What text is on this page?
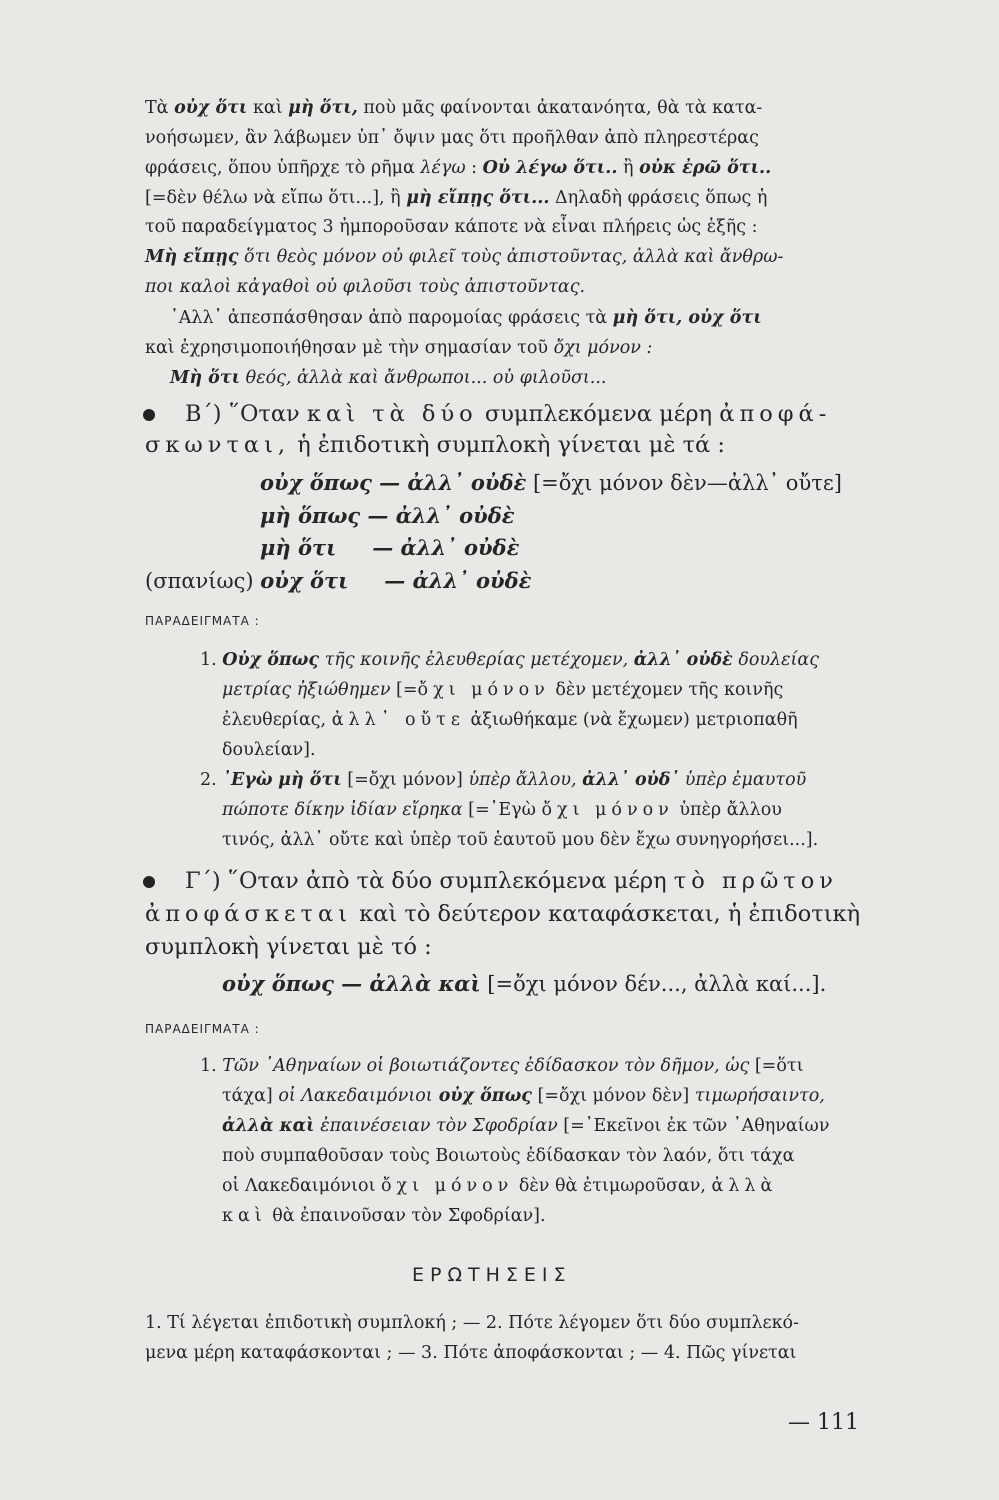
Τὰ οὐχ ὅτι καὶ μὴ ὅτι, ποὺ μᾶς φαίνονται ἀκατανόητα, θὰ τὰ κατα-
νοήσωμεν, ἂν λάβωμεν ὑπ᾿ ὄψιν μας ὅτι προῆλθαν ἀπὸ πληρεστέρας
φράσεις, ὅπου ὑπῆρχε τὸ ρῆμα λέγω : Οὐ λέγω ὅτι.. ἢ οὐκ ἐρῶ ὅτι..
[=δὲν θέλω νὰ εἴπω ὅτι...], ἢ μὴ εἴπῃς ὅτι... Δηλαδὴ φράσεις ὅπως ἡ
τοῦ παραδείγματος 3 ἠμποροῦσαν κάποτε νὰ εἶναι πλήρεις ὡς ἑξῆς :
Μὴ εἴπῃς ὅτι θεὸς μόνον οὐ φιλεῖ τοὺς ἀπιστοῦντας, ἀλλὰ καὶ ἄνθρω-
ποι καλοὶ κἀγαθοὶ οὐ φιλοῦσι τοὺς ἀπιστοῦντας.
᾿Αλλ᾿ ἀπεσπάσθησαν ἀπὸ παρομοίας φράσεις τὰ μὴ ὅτι, οὐχ ὅτι
καὶ ἐχρησιμοποιήθησαν μὲ τὴν σημασίαν τοῦ ὄχι μόνον :
Μὴ ὅτι θεός, ἀλλὰ καὶ ἄνθρωποι... οὐ φιλοῦσι...
Β΄) ῞Οταν καὶ τὰ δύο συμπλεκόμενα μέρη ἀποφά-
σκωνται, ἡ ἐπιδοτικὴ συμπλοκὴ γίνεται μὲ τά :
οὐχ ὅπως — ἀλλ᾿ οὐδὲ [=ὄχι μόνον δὲν—ἀλλ᾿ οὔτε]
μὴ ὅπως — ἀλλ᾿ οὐδὲ
μὴ ὅτι — ἀλλ᾿ οὐδὲ
(σπανίως) οὐχ ὅτι — ἀλλ᾿ οὐδὲ
ΠΑΡΑΔΕΙΓΜΑΤΑ :
1. Οὐχ ὅπως τῆς κοινῆς ἐλευθερίας μετέχομεν, ἀλλ᾿ οὐδὲ δουλείας
μετρίας ἠξιώθημεν [=ὄχι μόνον δὲν μετέχομεν τῆς κοινῆς
ἐλευθερίας, ἀλλ᾿ οὔτε ἀξιωθήκαμε (νὰ ἔχωμεν) μετριοπαθῆ
δουλείαν].
2. ᾿Εγὼ μὴ ὅτι [=ὄχι μόνον] ὑπὲρ ἄλλου, ἀλλ᾿ οὐδ᾿ ὑπὲρ ἐμαυτοῦ
πώποτε δίκην ἰδίαν εἴρηκα [=᾿Εγὼ ὄχι μόνον ὑπὲρ ἄλλου
τινός, ἀλλ᾿ οὔτε καὶ ὑπὲρ τοῦ ἑαυτοῦ μου δὲν ἔχω συνηγορήσει...].
Γ΄) ῞Οταν ἀπὸ τὰ δύο συμπλεκόμενα μέρη τὸ πρῶτον
ἀποφάσκεται καὶ τὸ δεύτερον καταφάσκεται, ἡ ἐπιδοτικὴ
συμπλοκὴ γίνεται μὲ τό :
οὐχ ὅπως — ἀλλὰ καὶ [=ὄχι μόνον δέν..., ἀλλὰ καί...].
ΠΑΡΑΔΕΙΓΜΑΤΑ :
1. Τῶν ᾿Αθηναίων οἱ βοιωτιάζοντες ἐδίδασκον τὸν δῆμον, ὡς [=ὅτι
τάχα] οἱ Λακεδαιμόνιοι οὐχ ὅπως [=ὄχι μόνον δὲν] τιμωρήσαιντο,
ἀλλὰ καὶ ἐπαινέσειαν τὸν Σφοδρίαν [=᾿Εκεῖνοι ἐκ τῶν ᾿Αθηναίων
ποὺ συμπαθοῦσαν τοὺς Βοιωτοὺς ἐδίδασκαν τὸν λαόν, ὅτι τάχα
οἱ Λακεδαιμόνιοι ὄχι μόνον δὲν θὰ ἐτιμωροῦσαν, ἀλλὰ
καὶ θὰ ἐπαινοῦσαν τὸν Σφοδρίαν].
ΕΡΩΤΗΣΕΙΣ
1. Τί λέγεται ἐπιδοτικὴ συμπλοκή ; — 2. Πότε λέγομεν ὅτι δύο συμπλεκό-
μενα μέρη καταφάσκονται ; — 3. Πότε ἀποφάσκονται ; — 4. Πῶς γίνεται
— 111
